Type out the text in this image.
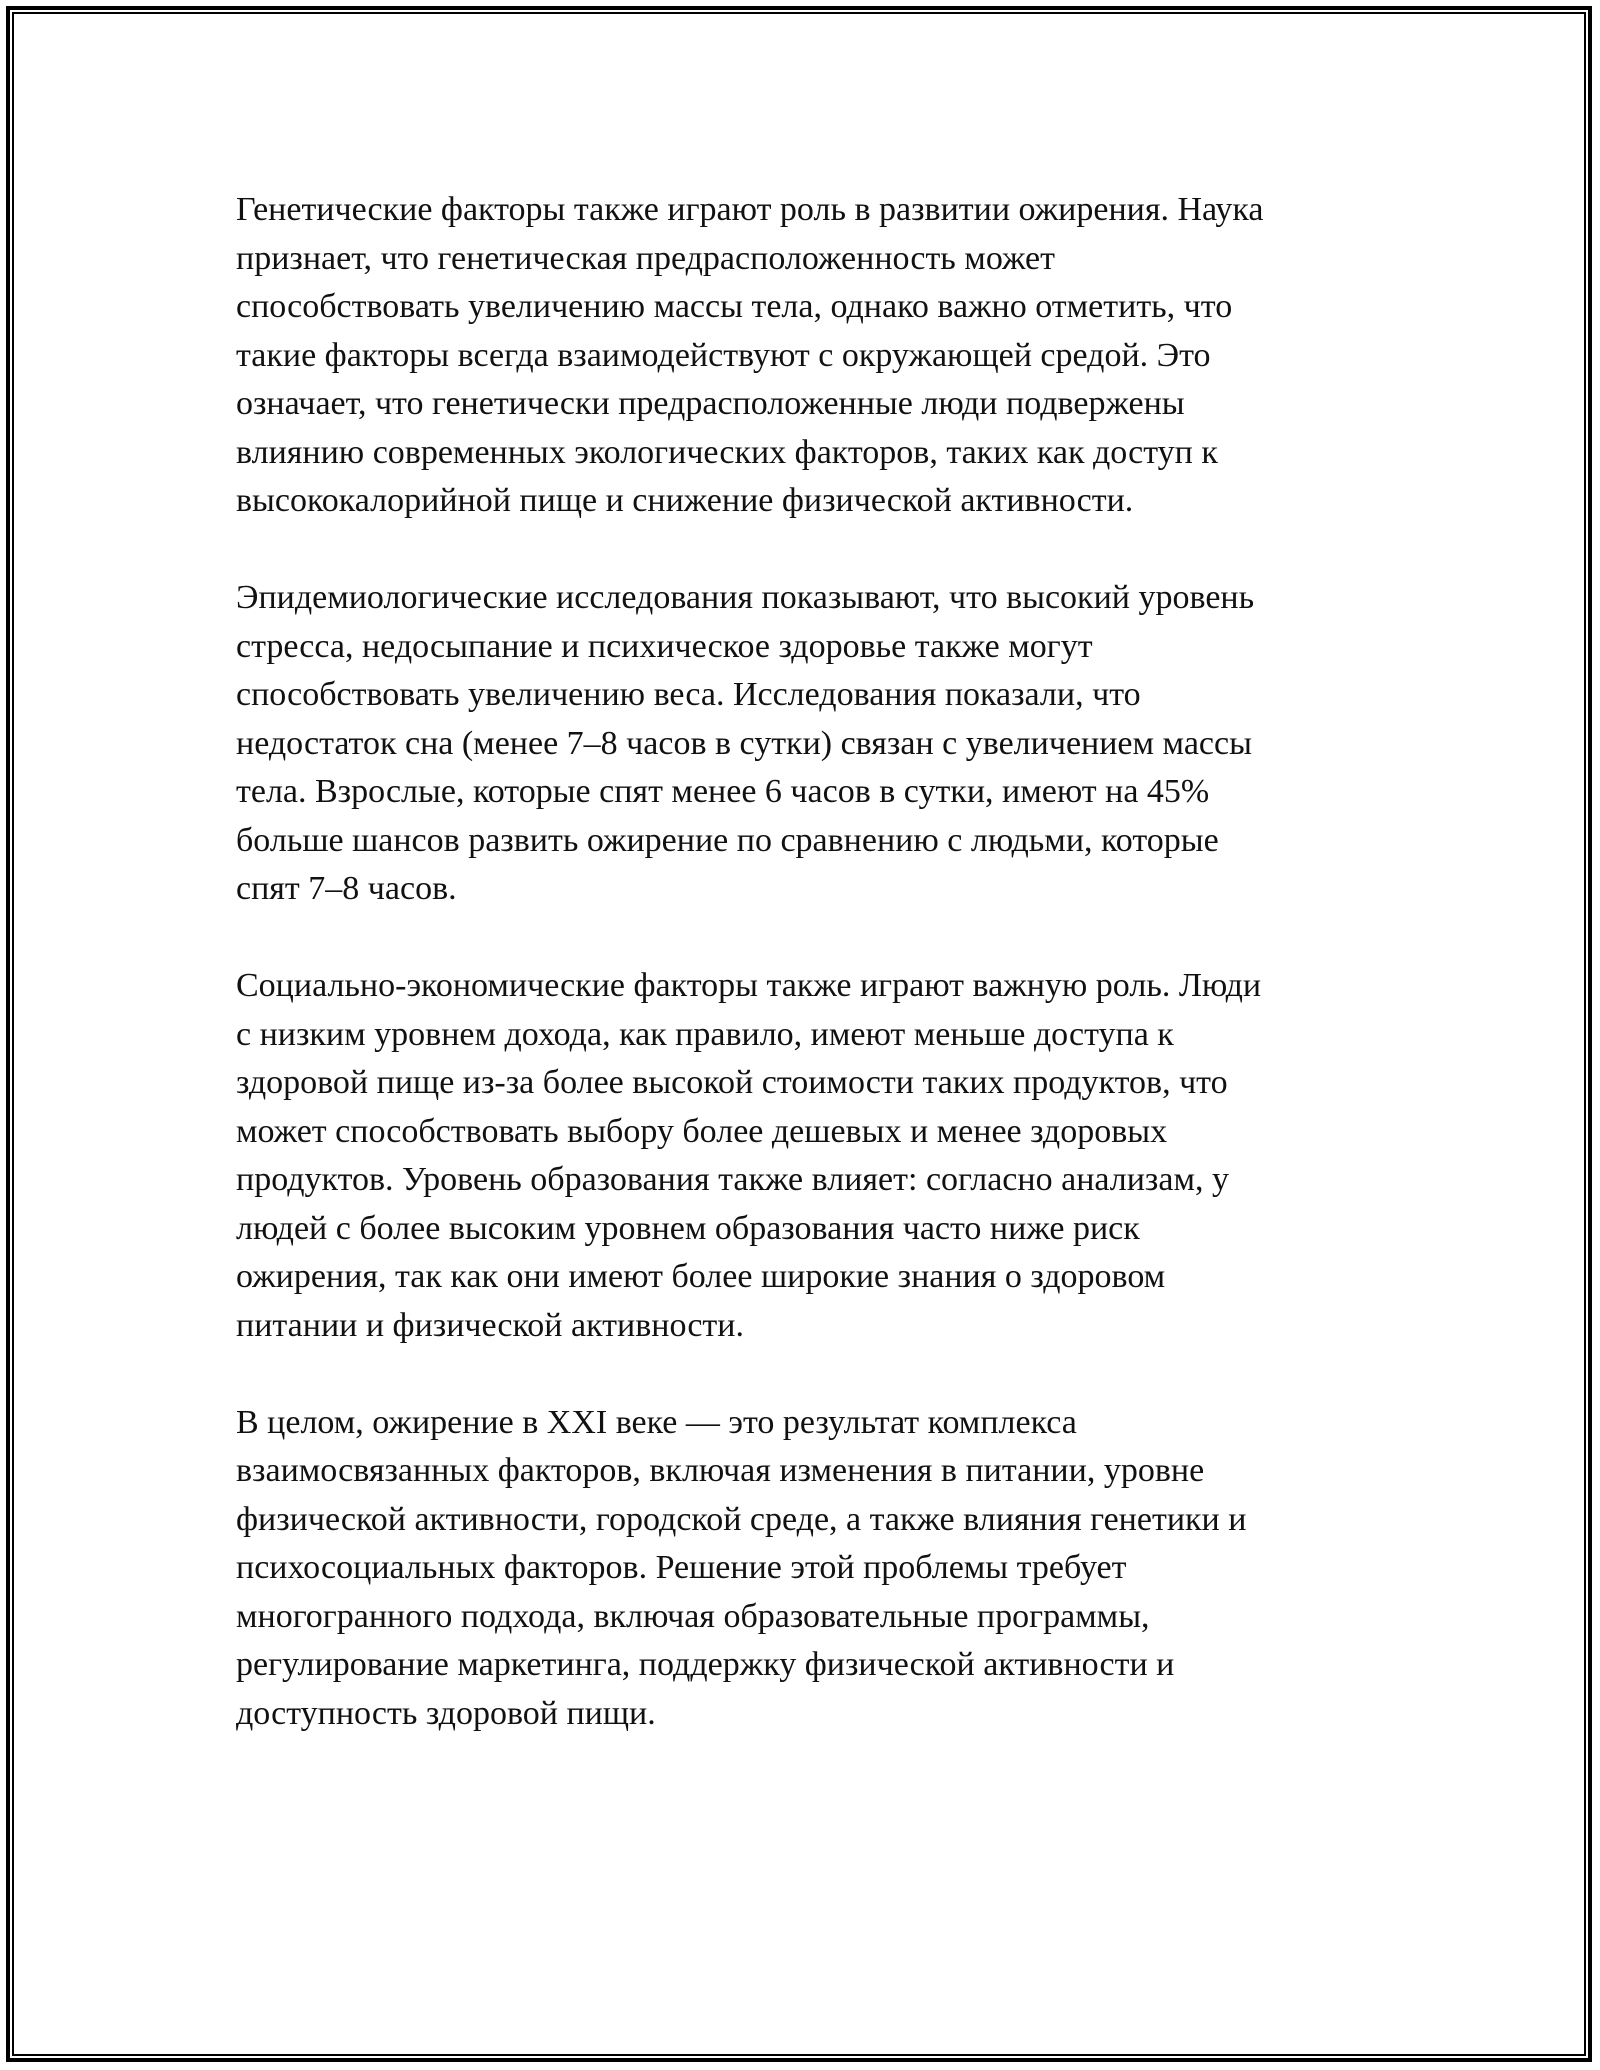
Генетические факторы также играют роль в развитии ожирения. Наука
признает, что генетическая предрасположенность может
способствовать увеличению массы тела, однако важно отметить, что
такие факторы всегда взаимодействуют с окружающей средой. Это
означает, что генетически предрасположенные люди подвержены
влиянию современных экологических факторов, таких как доступ к
высококалорийной пище и снижение физической активности.

Эпидемиологические исследования показывают, что высокий уровень
стресса, недосыпание и психическое здоровье также могут
способствовать увеличению веса. Исследования показали, что
недостаток сна (менее 7–8 часов в сутки) связан с увеличением массы
тела. Взрослые, которые спят менее 6 часов в сутки, имеют на 45%
больше шансов развить ожирение по сравнению с людьми, которые
спят 7–8 часов.

Социально-экономические факторы также играют важную роль. Люди
с низким уровнем дохода, как правило, имеют меньше доступа к
здоровой пище из-за более высокой стоимости таких продуктов, что
может способствовать выбору более дешевых и менее здоровых
продуктов. Уровень образования также влияет: согласно анализам, у
людей с более высоким уровнем образования часто ниже риск
ожирения, так как они имеют более широкие знания о здоровом
питании и физической активности.

В целом, ожирение в XXI веке — это результат комплекса
взаимосвязанных факторов, включая изменения в питании, уровне
физической активности, городской среде, а также влияния генетики и
психосоциальных факторов. Решение этой проблемы требует
многогранного подхода, включая образовательные программы,
регулирование маркетинга, поддержку физической активности и
доступность здоровой пищи.
